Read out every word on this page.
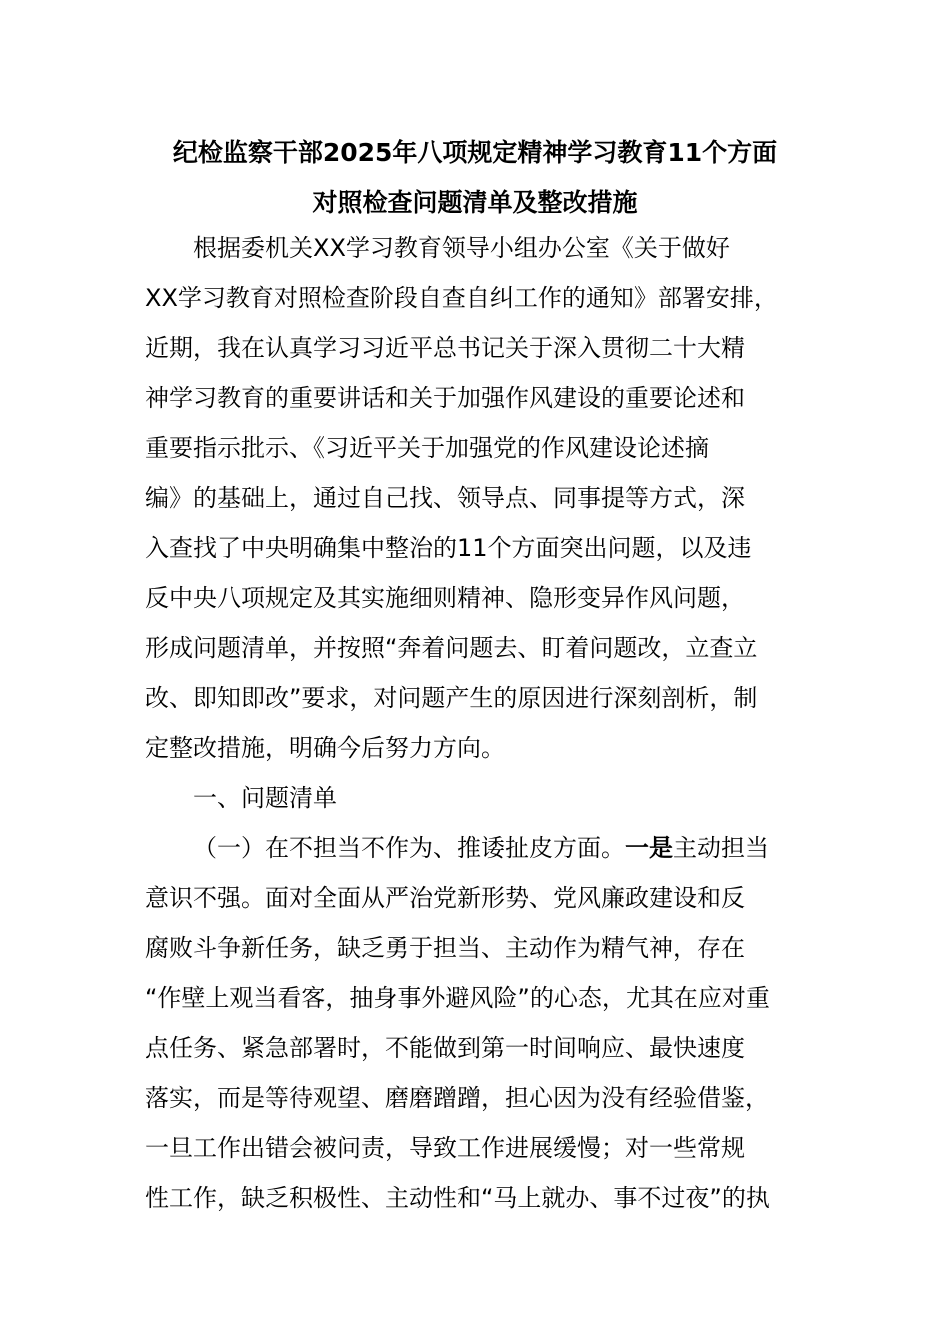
纪检监察干部2025年八项规定精神学习教育11个方面
对照检查问题清单及整改措施
根据委机关XX学习教育领导小组办公室《关于做好
XX学习教育对照检查阶段自查自纠工作的通知》部署安排，
近期，我在认真学习习近平总书记关于深入贯彻二十大精
神学习教育的重要讲话和关于加强作风建设的重要论述和
重要指示批示、《习近平关于加强党的作风建设论述摘
编》的基础上，通过自己找、领导点、同事提等方式，深
入查找了中央明确集中整治的11个方面突出问题，以及违
反中央八项规定及其实施细则精神、隐形变异作风问题，
形成问题清单，并按照“奔着问题去、盯着问题改，立查立
改、即知即改”要求，对问题产生的原因进行深刻剖析，制
定整改措施，明确今后努力方向。
一、问题清单
（一）在不担当不作为、推诿扯皮方面。一是主动担当
意识不强。面对全面从严治党新形势、党风廉政建设和反
腐败斗争新任务，缺乏勇于担当、主动作为精气神，存在
“作壁上观当看客，抽身事外避风险”的心态，尤其在应对重
点任务、紧急部署时，不能做到第一时间响应、最快速度
落实，而是等待观望、磨磨蹭蹭，担心因为没有经验借鉴，
一旦工作出错会被问责，导致工作进展缓慢；对一些常规
性工作，缺乏积极性、主动性和“马上就办、事不过夜”的执
